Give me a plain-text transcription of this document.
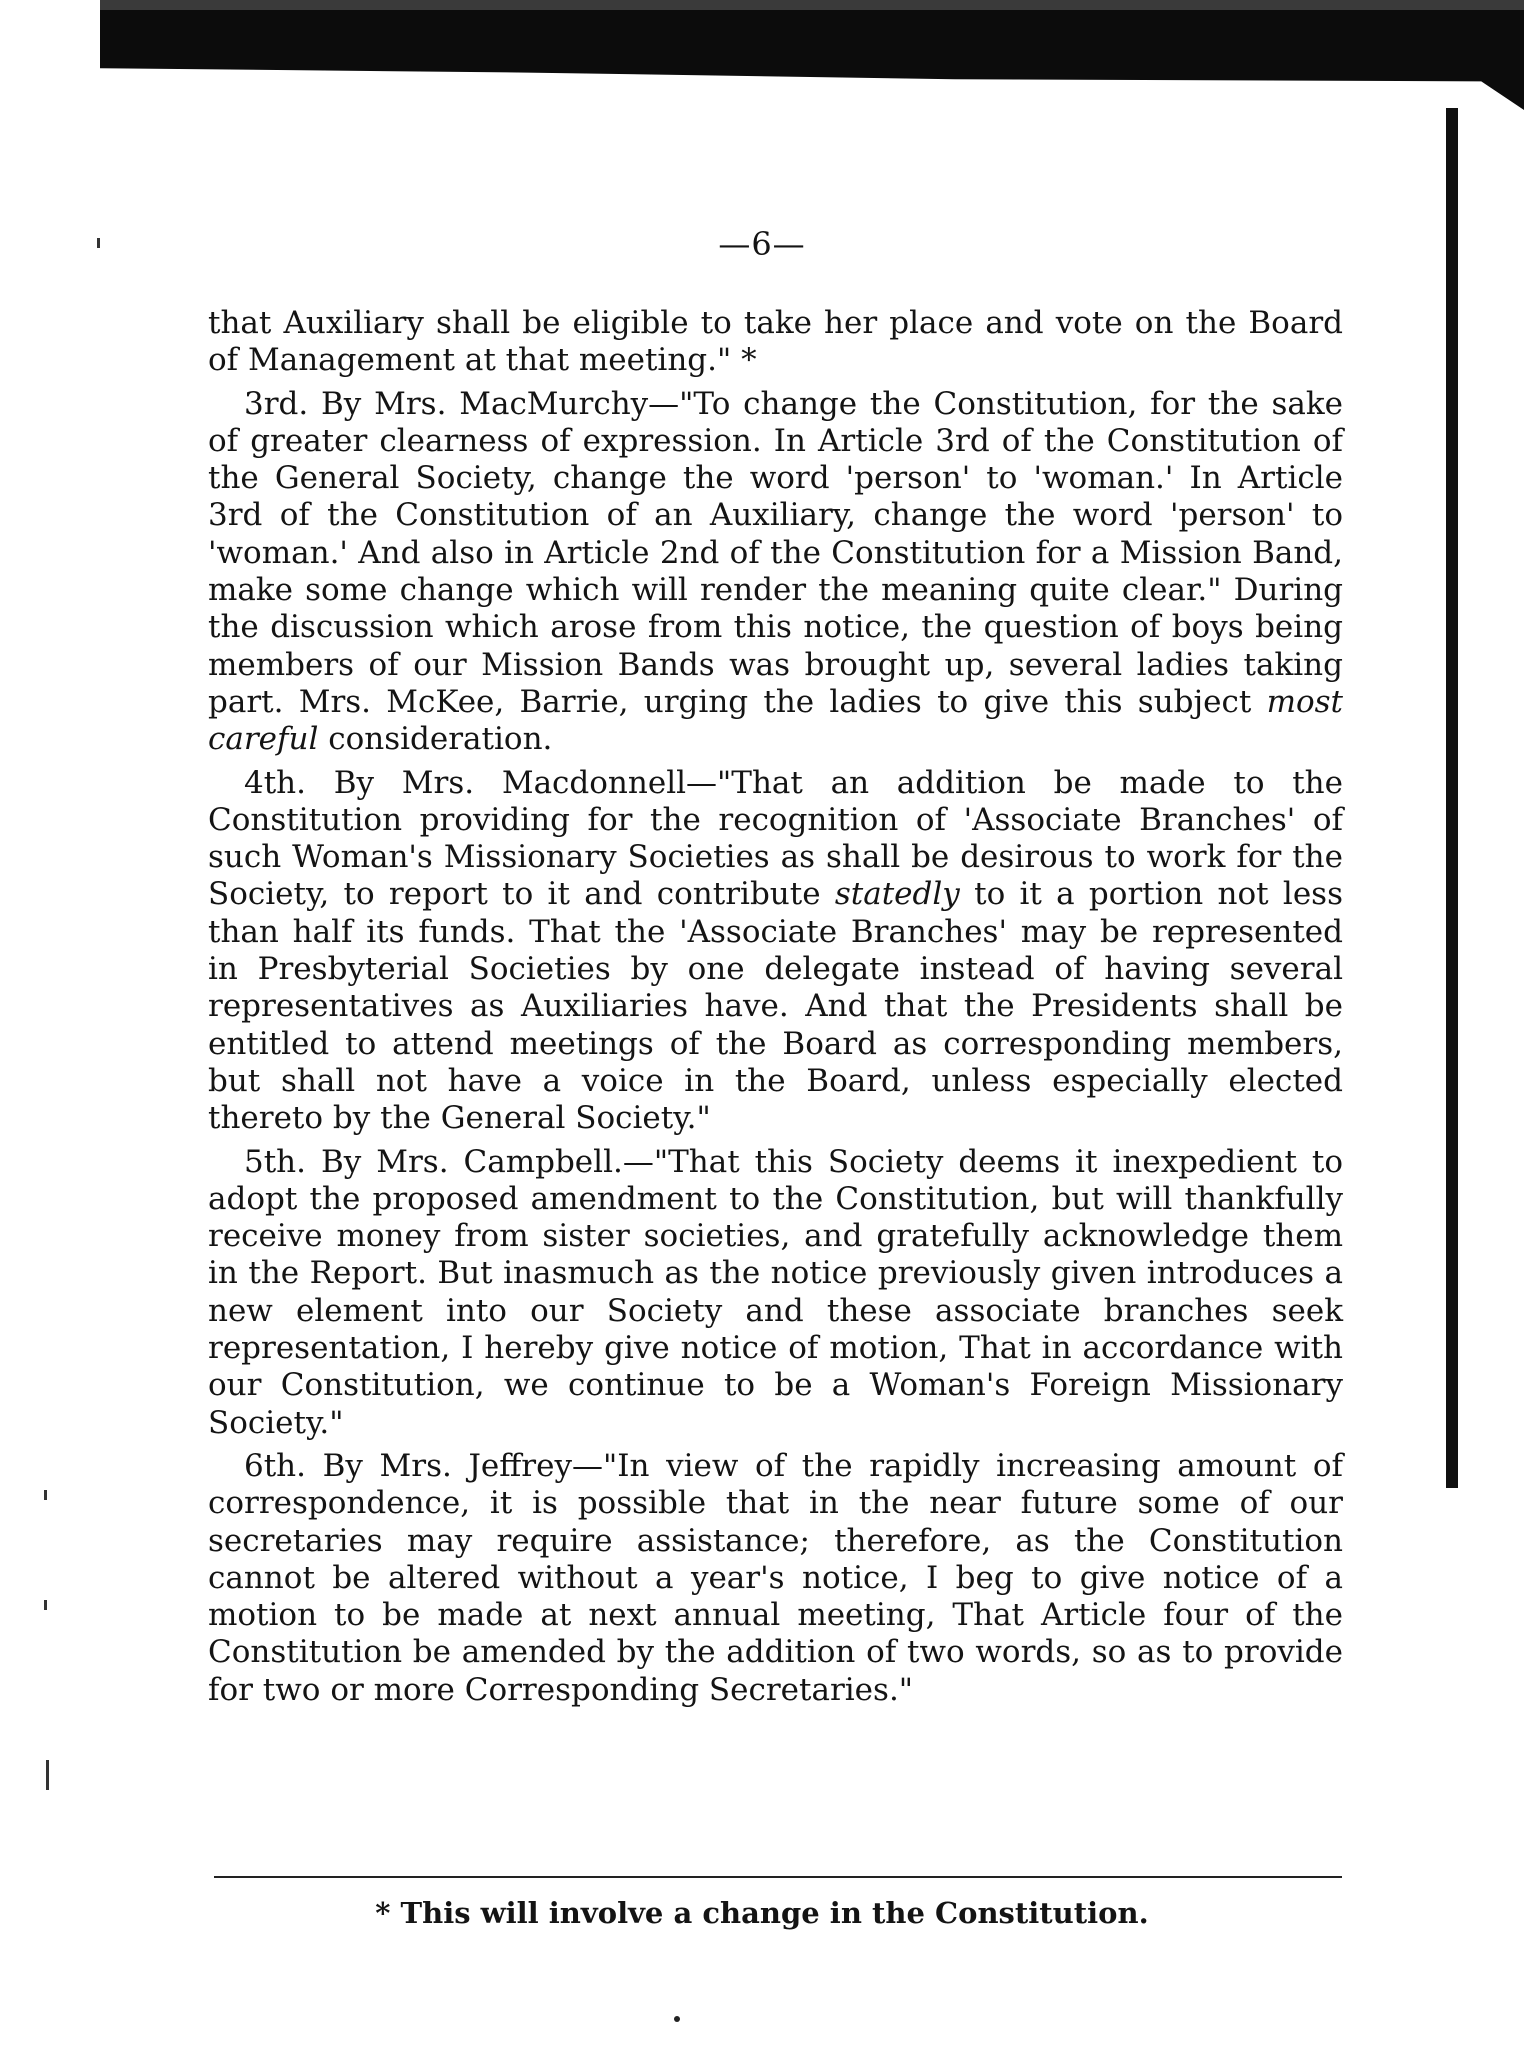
—6—

that Auxiliary shall be eligible to take her place and vote on the Board of Management at that meeting." *

3rd. By Mrs. MacMurchy—"To change the Constitution, for the sake of greater clearness of expression. In Article 3rd of the Constitution of the General Society, change the word 'person' to 'woman.' In Article 3rd of the Constitution of an Auxiliary, change the word 'person' to 'woman.' And also in Article 2nd of the Constitution for a Mission Band, make some change which will render the meaning quite clear." During the discussion which arose from this notice, the question of boys being members of our Mission Bands was brought up, several ladies taking part. Mrs. McKee, Barrie, urging the ladies to give this subject most careful consideration.

4th. By Mrs. Macdonnell—"That an addition be made to the Constitution providing for the recognition of 'Associate Branches' of such Woman's Missionary Societies as shall be desirous to work for the Society, to report to it and contribute statedly to it a portion not less than half its funds. That the 'Associate Branches' may be represented in Presbyterial Societies by one delegate instead of having several representatives as Auxiliaries have. And that the Presidents shall be entitled to attend meetings of the Board as corresponding members, but shall not have a voice in the Board, unless especially elected thereto by the General Society."

5th. By Mrs. Campbell.—"That this Society deems it inexpedient to adopt the proposed amendment to the Constitution, but will thankfully receive money from sister societies, and gratefully acknowledge them in the Report. But inasmuch as the notice previously given introduces a new element into our Society and these associate branches seek representation, I hereby give notice of motion, That in accordance with our Constitution, we continue to be a Woman's Foreign Missionary Society."

6th. By Mrs. Jeffrey—"In view of the rapidly increasing amount of correspondence, it is possible that in the near future some of our secretaries may require assistance; therefore, as the Constitution cannot be altered without a year's notice, I beg to give notice of a motion to be made at next annual meeting, That Article four of the Constitution be amended by the addition of two words, so as to provide for two or more Corresponding Secretaries."

* This will involve a change in the Constitution.
